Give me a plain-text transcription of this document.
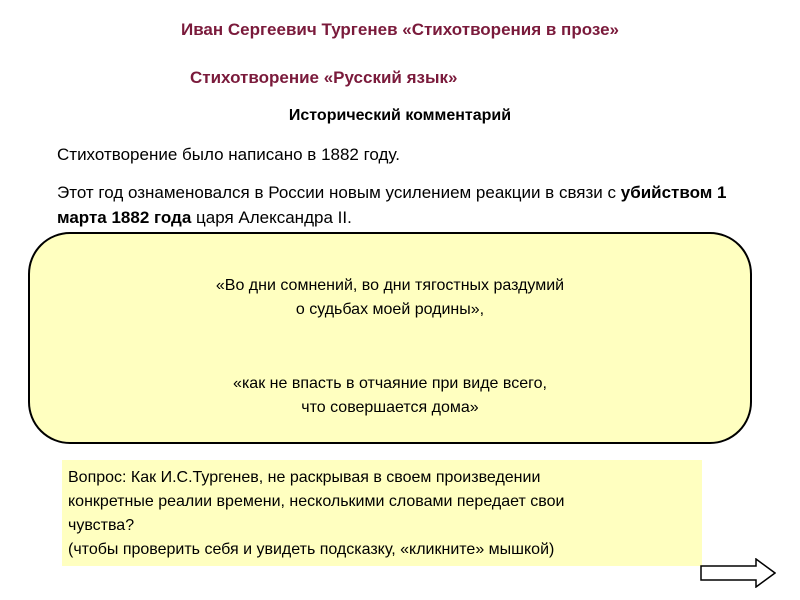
Иван Сергеевич Тургенев «Стихотворения в прозе»
Стихотворение «Русский язык»
Исторический комментарий
Стихотворение было написано в 1882 году.
Этот год ознаменовался в России новым усилением реакции в связи с убийством 1 марта 1882 года царя Александра II.
«Во дни сомнений, во дни тягостных раздумий
о судьбах моей родины»,
«как не впасть в отчаяние при виде всего,
что совершается дома»
Вопрос: Как И.С.Тургенев, не раскрывая в своем произведении
конкретные реалии времени, несколькими словами передает свои
чувства?
(чтобы проверить себя и увидеть подсказку, «кликните» мышкой)
